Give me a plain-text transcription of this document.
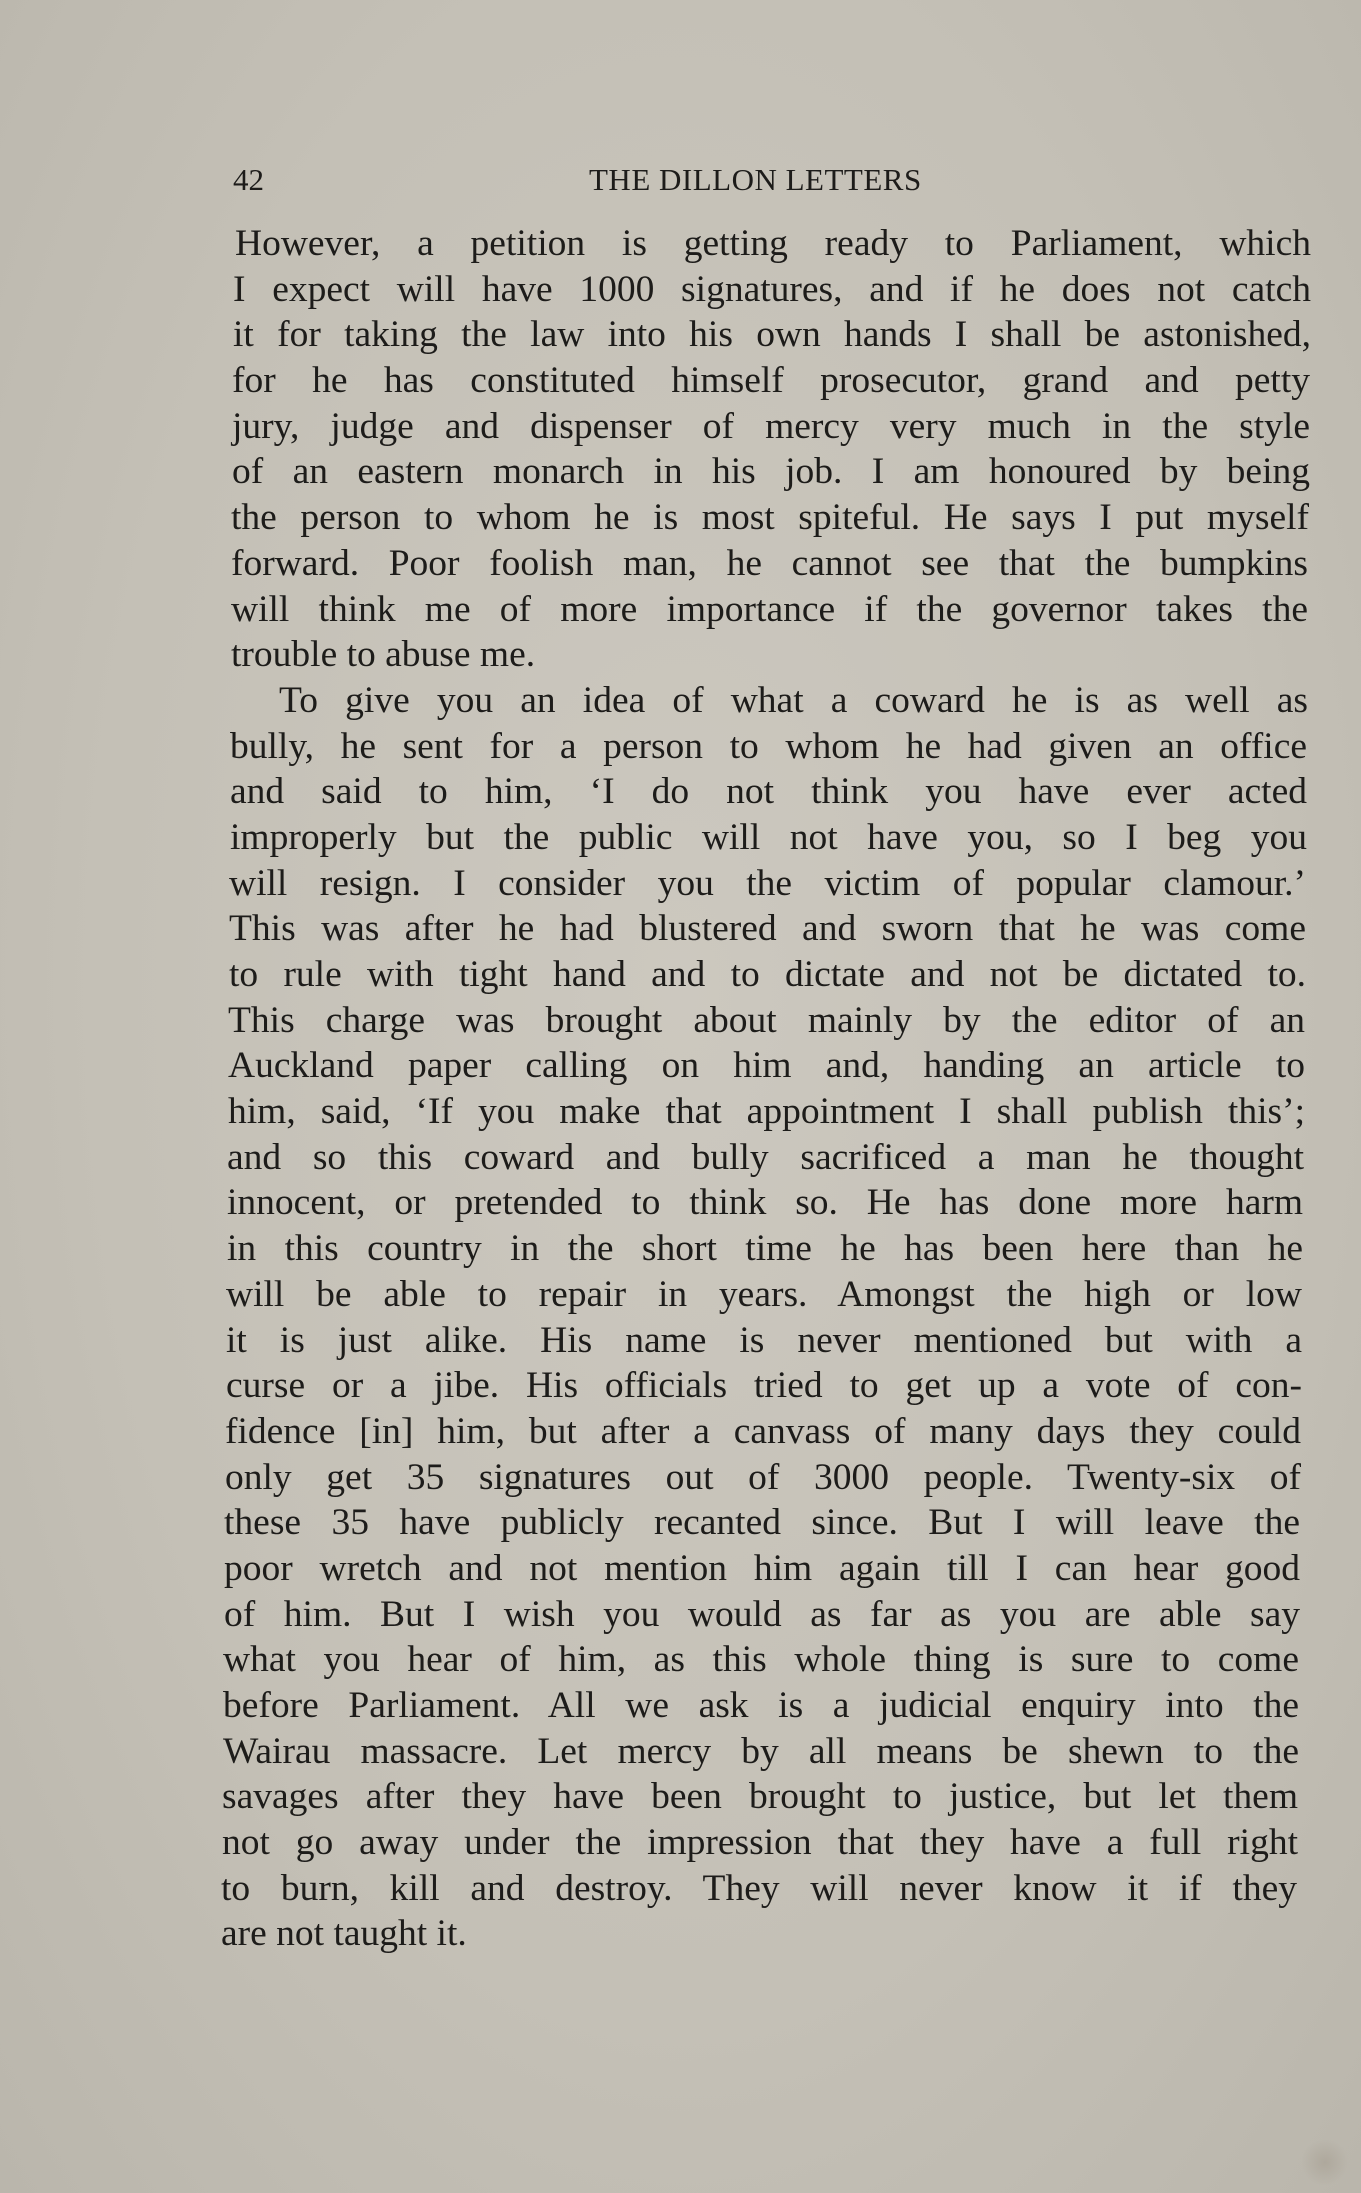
42	THE DILLON LETTERS
However, a petition is getting ready to Parliament, which
I expect will have 1000 signatures, and if he does not catch
it for taking the law into his own hands I shall be astonished,
for he has constituted himself prosecutor, grand and petty
jury, judge and dispenser of mercy very much in the style
of an eastern monarch in his job. I am honoured by being
the person to whom he is most spiteful. He says I put myself
forward. Poor foolish man, he cannot see that the bumpkins
will think me of more importance if the governor takes the
trouble to abuse me.
To give you an idea of what a coward he is as well as
bully, he sent for a person to whom he had given an office
and said to him, ‘I do not think you have ever acted
improperly but the public will not have you, so I beg you
will resign. I consider you the victim of popular clamour.’
This was after he had blustered and sworn that he was come
to rule with tight hand and to dictate and not be dictated to.
This charge was brought about mainly by the editor of an
Auckland paper calling on him and, handing an article to
him, said, ‘If you make that appointment I shall publish this’;
and so this coward and bully sacrificed a man he thought
innocent, or pretended to think so. He has done more harm
in this country in the short time he has been here than he
will be able to repair in years. Amongst the high or low
it is just alike. His name is never mentioned but with a
curse or a jibe. His officials tried to get up a vote of con-
fidence [in] him, but after a canvass of many days they could
only get 35 signatures out of 3000 people. Twenty-six of
these 35 have publicly recanted since. But I will leave the
poor wretch and not mention him again till I can hear good
of him. But I wish you would as far as you are able say
what you hear of him, as this whole thing is sure to come
before Parliament. All we ask is a judicial enquiry into the
Wairau massacre. Let mercy by all means be shewn to the
savages after they have been brought to justice, but let them
not go away under the impression that they have a full right
to burn, kill and destroy. They will never know it if they
are not taught it.
